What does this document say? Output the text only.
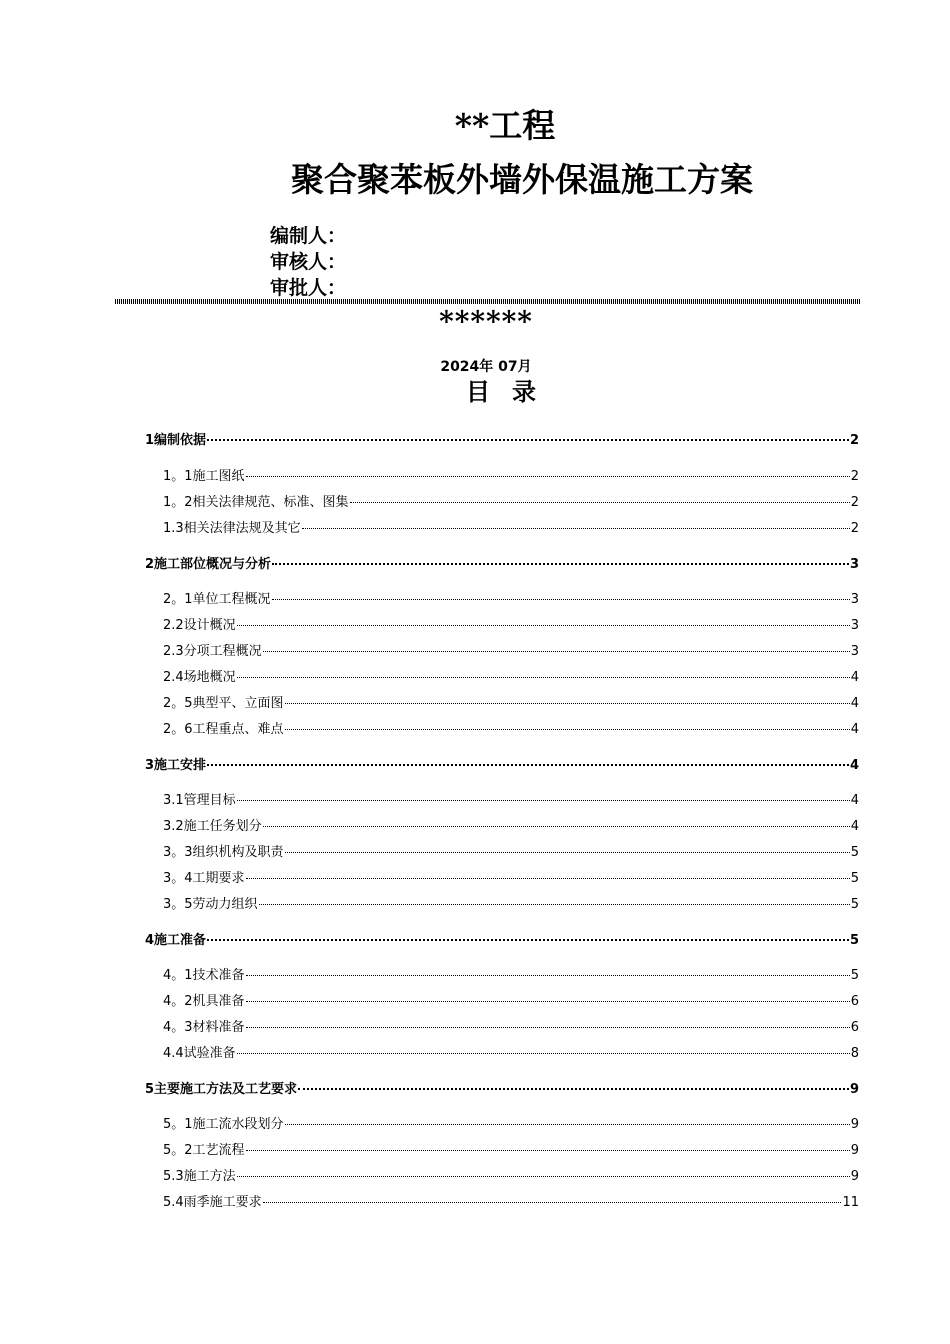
**工程
聚合聚苯板外墙外保温施工方案
编制人：
审核人：
审批人：
******
2024年 07月
目录
1编制依据	2
1。1施工图纸	2
1。2相关法律规范、标准、图集	2
1.3相关法律法规及其它	2
2施工部位概况与分析	3
2。1单位工程概况	3
2.2设计概况	3
2.3分项工程概况	3
2.4场地概况	4
2。5典型平、立面图	4
2。6工程重点、难点	4
3施工安排	4
3.1管理目标	4
3.2施工任务划分	4
3。3组织机构及职责	5
3。4工期要求	5
3。5劳动力组织	5
4施工准备	5
4。1技术准备	5
4。2机具准备	6
4。3材料准备	6
4.4试验准备	8
5主要施工方法及工艺要求	9
5。1施工流水段划分	9
5。2工艺流程	9
5.3施工方法	9
5.4雨季施工要求	11
